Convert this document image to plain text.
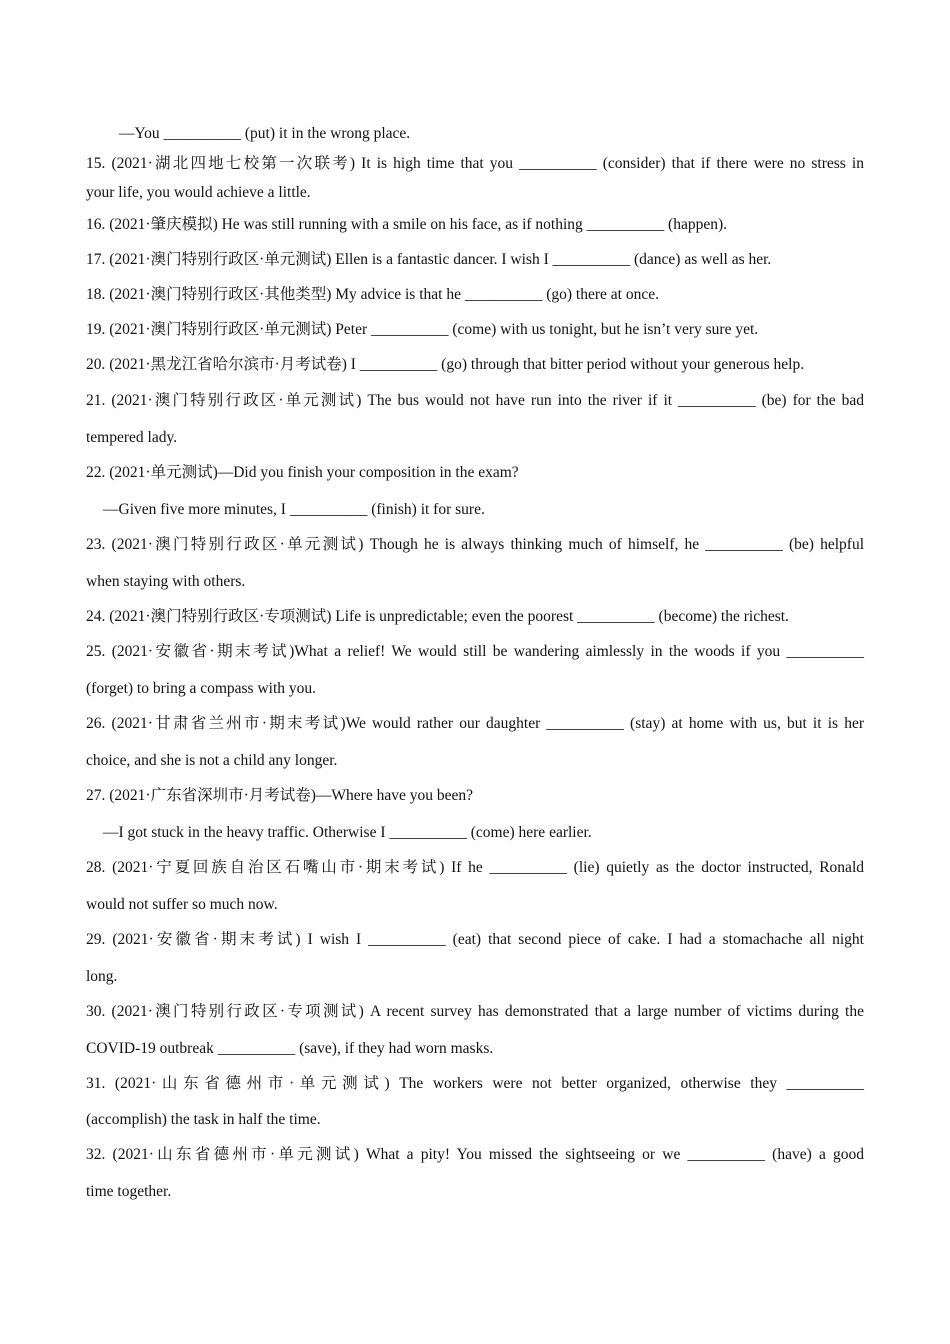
—You __________ (put) it in the wrong place.
15. (2021·湖北四地七校第一次联考) It is high time that you __________ (consider) that if there were no stress in
your life, you would achieve a little.
16. (2021·肇庆模拟) He was still running with a smile on his face, as if nothing __________ (happen).
17. (2021·澳门特别行政区·单元测试) Ellen is a fantastic dancer. I wish I __________ (dance) as well as her.
18. (2021·澳门特别行政区·其他类型) My advice is that he __________ (go) there at once.
19. (2021·澳门特别行政区·单元测试) Peter __________ (come) with us tonight, but he isn’t very sure yet.
20. (2021·黑龙江省哈尔滨市·月考试卷) I __________ (go) through that bitter period without your generous help.
21. (2021·澳门特别行政区·单元测试) The bus would not have run into the river if it __________ (be) for the bad
tempered lady.
22. (2021·单元测试)—Did you finish your composition in the exam?
—Given five more minutes, I __________ (finish) it for sure.
23. (2021·澳门特别行政区·单元测试) Though he is always thinking much of himself, he __________ (be) helpful
when staying with others.
24. (2021·澳门特别行政区·专项测试) Life is unpredictable; even the poorest __________ (become) the richest.
25. (2021·安徽省·期末考试)What a relief! We would still be wandering aimlessly in the woods if you __________
(forget) to bring a compass with you.
26. (2021·甘肃省兰州市·期末考试)We would rather our daughter __________ (stay) at home with us, but it is her
choice, and she is not a child any longer.
27. (2021·广东省深圳市·月考试卷)—Where have you been?
—I got stuck in the heavy traffic. Otherwise I __________ (come) here earlier.
28. (2021·宁夏回族自治区石嘴山市·期末考试) If he __________ (lie) quietly as the doctor instructed, Ronald
would not suffer so much now.
29. (2021·安徽省·期末考试) I wish I __________ (eat) that second piece of cake. I had a stomachache all night
long.
30. (2021·澳门特别行政区·专项测试) A recent survey has demonstrated that a large number of victims during the
COVID-19 outbreak __________ (save), if they had worn masks.
31. (2021·山东省德州市·单元测试) The workers were not better organized, otherwise they __________
(accomplish) the task in half the time.
32. (2021·山东省德州市·单元测试) What a pity! You missed the sightseeing or we __________ (have) a good
time together.
